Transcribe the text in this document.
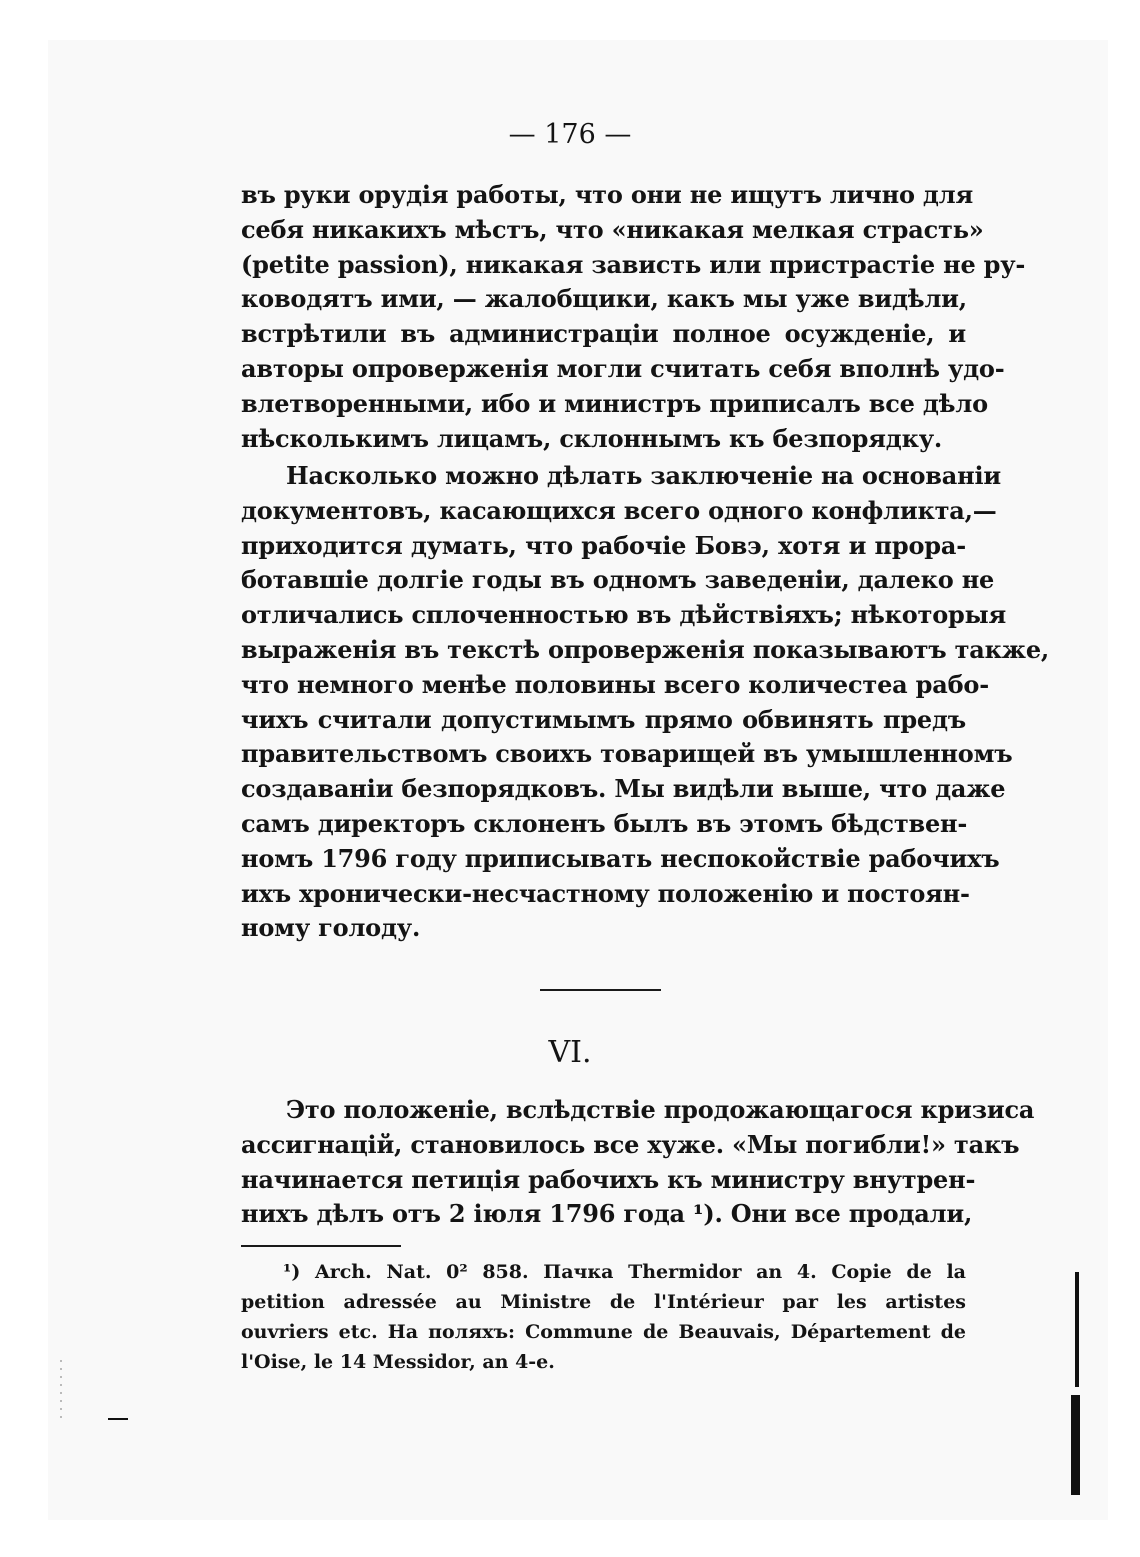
— 176 —
въ руки орудія работы, что они не ищутъ лично для
себя никакихъ мѣстъ, что «никакая мелкая страсть»
(petite passion), никакая зависть или пристрастіе не ру-
ководятъ ими, — жалобщики, какъ мы уже видѣли,
встрѣтили въ администраціи полное осужденіе, и
авторы опроверженія могли считать себя вполнѣ удо-
влетворенными, ибо и министръ приписалъ все дѣло
нѣсколькимъ лицамъ, склоннымъ къ безпорядку.
Насколько можно дѣлать заключеніе на основаніи
документовъ, касающихся всего одного конфликта,—
приходится думать, что рабочіе Бовэ, хотя и прора-
ботавшіе долгіе годы въ одномъ заведеніи, далеко не
отличались сплоченностью въ дѣйствіяхъ; нѣкоторыя
выраженія въ текстѣ опроверженія показываютъ также,
что немного менѣе половины всего количестеа рабо-
чихъ считали допустимымъ прямо обвинять предъ
правительствомъ своихъ товарищей въ умышленномъ
создаваніи безпорядковъ. Мы видѣли выше, что даже
самъ директоръ склоненъ былъ въ этомъ бѣдствен-
номъ 1796 году приписывать неспокойствіе рабочихъ
ихъ хронически-несчастному положенію и постоян-
ному голоду.
VI.
Это положеніе, вслѣдствіе продожающагося кризиса
ассигнацій, становилось все хуже. «Мы погибли!» такъ
начинается петиція рабочихъ къ министру внутрен-
нихъ дѣлъ отъ 2 іюля 1796 года ¹). Они все продали,
¹) Arch. Nat. 0² 858. Пачка Thermidor an 4. Copie de la
petition adressée au Ministre de l'Intérieur par les artistes
ouvriers etc. На поляхъ: Commune de Beauvais, Département de
l'Oise, le 14 Messidor, an 4-e.
